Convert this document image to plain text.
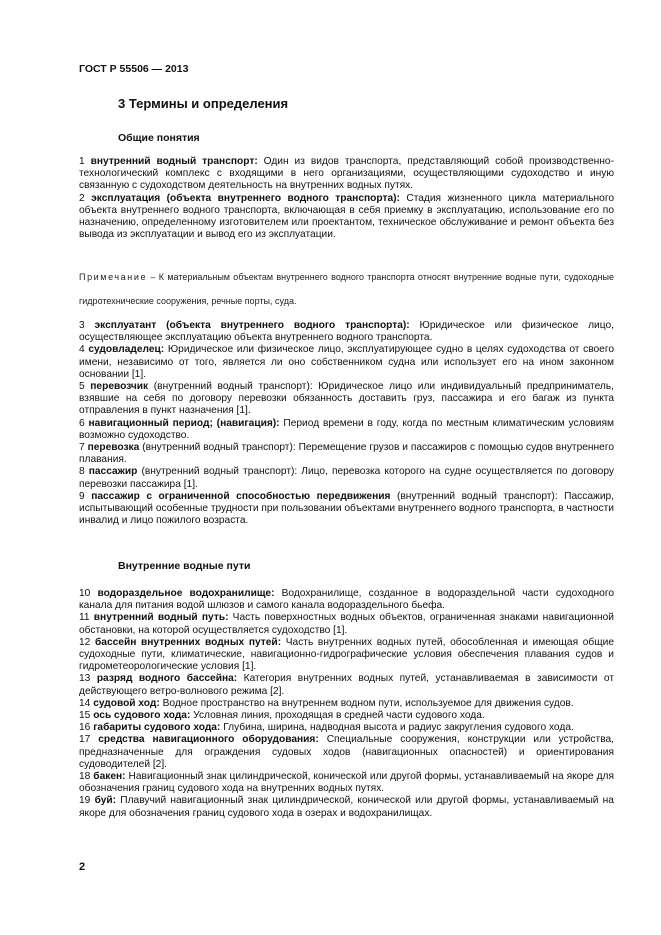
ГОСТ Р 55506 — 2013

3 Термины и определения

Общие понятия

1 внутренний водный транспорт: Один из видов транспорта, представляющий собой производственно-технологический комплекс с входящими в него организациями, осуществляющими судоходство и иную связанную с судоходством деятельность на внутренних водных путях.

2 эксплуатация (объекта внутреннего водного транспорта): Стадия жизненного цикла материального объекта внутреннего водного транспорта, включающая в себя приемку в эксплуатацию, использование его по назначению, определенному изготовителем или проектантом, техническое обслуживание и ремонт объекта без вывода из эксплуатации и вывод его из эксплуатации.

Примечание – К материальным объектам внутреннего водного транспорта относят внутренние водные пути, судоходные гидротехнические сооружения, речные порты, суда.

3 эксплуатант (объекта внутреннего водного транспорта): Юридическое или физическое лицо, осуществляющее эксплуатацию объекта внутреннего водного транспорта.

4 судовладелец: Юридическое или физическое лицо, эксплуатирующее судно в целях судоходства от своего имени, независимо от того, является ли оно собственником судна или использует его на ином законном основании [1].

5 перевозчик (внутренний водный транспорт): Юридическое лицо или индивидуальный предприниматель, взявшие на себя по договору перевозки обязанность доставить груз, пассажира и его багаж из пункта отправления в пункт назначения [1].

6 навигационный период; (навигация): Период времени в году, когда по местным климатическим условиям возможно судоходство.

7 перевозка (внутренний водный транспорт): Перемещение грузов и пассажиров с помощью судов внутреннего плавания.

8 пассажир (внутренний водный транспорт): Лицо, перевозка которого на судне осуществляется по договору перевозки пассажира [1].

9 пассажир с ограниченной способностью передвижения (внутренний водный транспорт): Пассажир, испытывающий особенные трудности при пользовании объектами внутреннего водного транспорта, в частности инвалид и лицо пожилого возраста.

Внутренние водные пути

10 водораздельное водохранилище: Водохранилище, созданное в водораздельной части судоходного канала для питания водой шлюзов и самого канала водораздельного бьефа.

11 внутренний водный путь: Часть поверхностных водных объектов, ограниченная знаками навигационной обстановки, на которой осуществляется судоходство [1].

12 бассейн внутренних водных путей: Часть внутренних водных путей, обособленная и имеющая общие судоходные пути, климатические, навигационно-гидрографические условия обеспечения плавания судов и гидрометеорологические условия [1].

13 разряд водного бассейна: Категория внутренних водных путей, устанавливаемая в зависимости от действующего ветро-волнового режима [2].

14 судовой ход: Водное пространство на внутреннем водном пути, используемое для движения судов.

15 ось судового хода: Условная линия, проходящая в средней части судового хода.

16 габариты судового хода: Глубина, ширина, надводная высота и радиус закругления судового хода.

17 средства навигационного оборудования: Специальные сооружения, конструкции или устройства, предназначенные для ограждения судовых ходов (навигационных опасностей) и ориентирования судоводителей [2].

18 бакен: Навигационный знак цилиндрической, конической или другой формы, устанавливаемый на якоре для обозначения границ судового хода на внутренних водных путях.

19 буй: Плавучий навигационный знак цилиндрической, конической или другой формы, устанавливаемый на якоре для обозначения границ судового хода в озерах и водохранилищах.

2
